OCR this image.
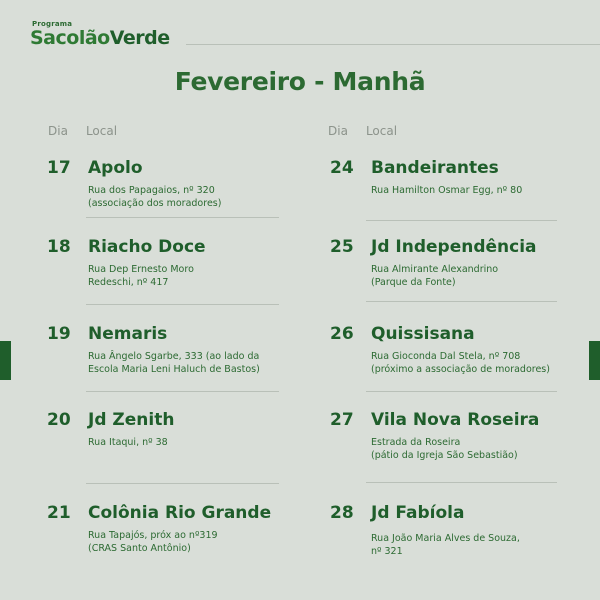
Programa
SacolãoVerde
Fevereiro - Manhã
Dia Local	Dia Local
17 Apolo
Rua dos Papagaios, nº 320
(associação dos moradores)
18 Riacho Doce
Rua Dep Ernesto Moro
Redeschi, nº 417
19 Nemaris
Rua Ângelo Sgarbe, 333 (ao lado da
Escola Maria Leni Haluch de Bastos)
20 Jd Zenith
Rua Itaqui, nº 38
21 Colônia Rio Grande
Rua Tapajós, próx ao nº319
(CRAS Santo Antônio)
24 Bandeirantes
Rua Hamilton Osmar Egg, nº 80
25 Jd Independência
Rua Almirante Alexandrino
(Parque da Fonte)
26 Quissisana
Rua Gioconda Dal Stela, nº 708
(próximo a associação de moradores)
27 Vila Nova Roseira
Estrada da Roseira
(pátio da Igreja São Sebastião)
28 Jd Fabíola
Rua João Maria Alves de Souza,
nº 321
